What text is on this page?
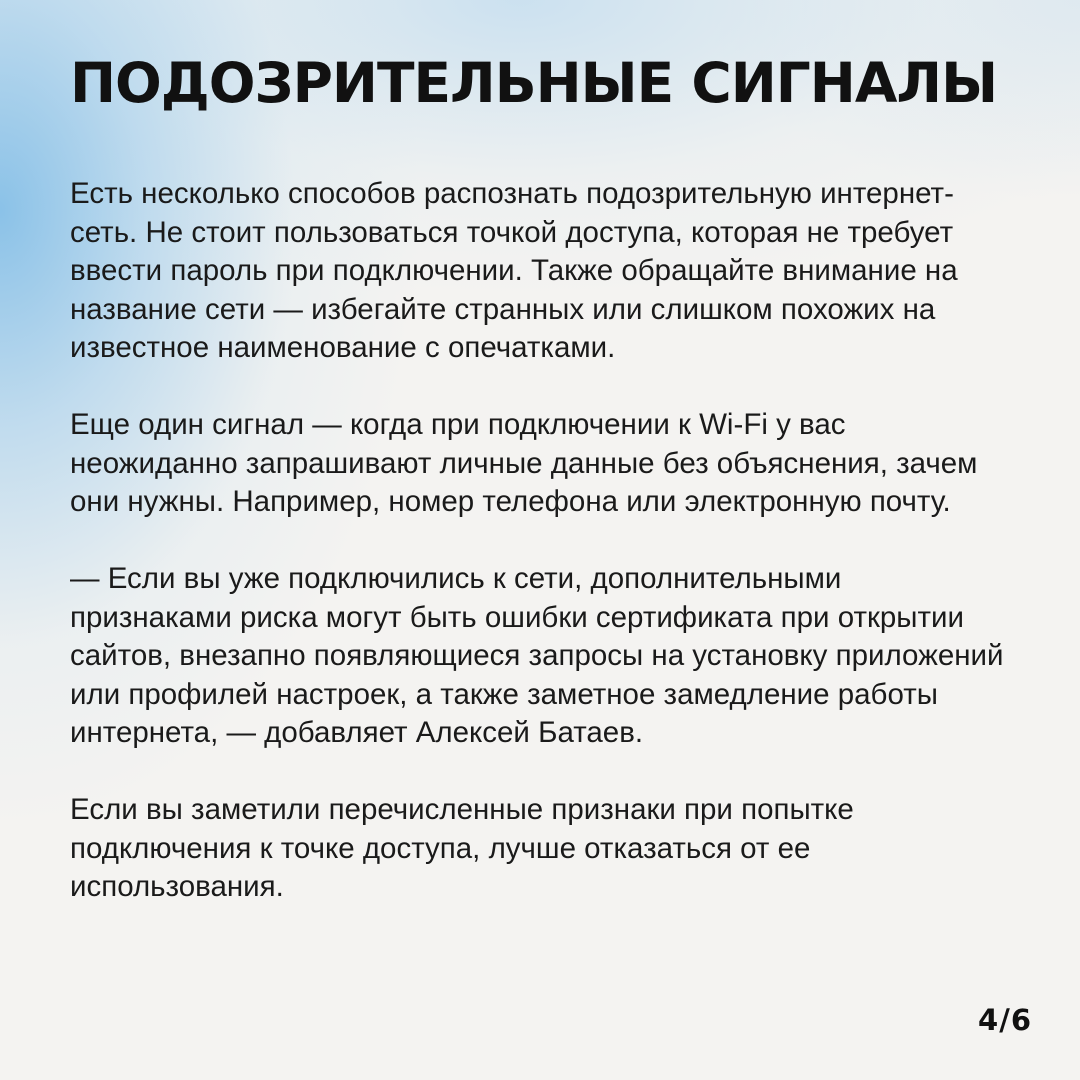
ПОДОЗРИТЕЛЬНЫЕ СИГНАЛЫ

Есть несколько способов распознать подозрительную интернет-сеть. Не стоит пользоваться точкой доступа, которая не требует ввести пароль при подключении. Также обращайте внимание на название сети — избегайте странных или слишком похожих на известное наименование с опечатками.

Еще один сигнал — когда при подключении к Wi-Fi у вас неожиданно запрашивают личные данные без объяснения, зачем они нужны. Например, номер телефона или электронную почту.

— Если вы уже подключились к сети, дополнительными признаками риска могут быть ошибки сертификата при открытии сайтов, внезапно появляющиеся запросы на установку приложений или профилей настроек, а также заметное замедление работы интернета, — добавляет Алексей Батаев.

Если вы заметили перечисленные признаки при попытке подключения к точке доступа, лучше отказаться от ее использования.

4/6
